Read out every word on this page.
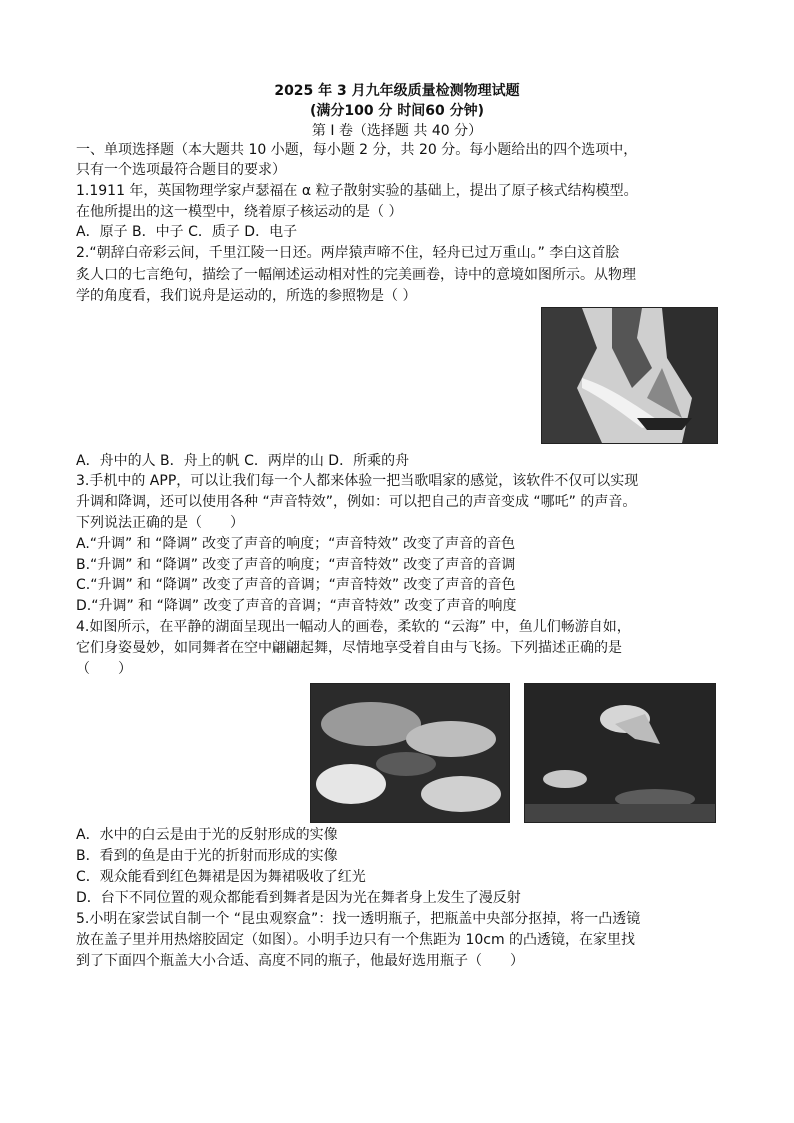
2025 年 3 月九年级质量检测物理试题
(满分100 分 时间60 分钟)
第 Ⅰ 卷（选择题 共 40 分）
一、单项选择题（本大题共 10 小题，每小题 2 分，共 20 分。每小题给出的四个选项中，
只有一个选项最符合题目的要求）
1.1911 年，英国物理学家卢瑟福在 α 粒子散射实验的基础上，提出了原子核式结构模型。
在他所提出的这一模型中，绕着原子核运动的是（ ）
A．原子 B．中子 C．质子 D．电子
2.“朝辞白帝彩云间，千里江陵一日还。两岸猿声啼不住，轻舟已过万重山。” 李白这首脍
炙人口的七言绝句，描绘了一幅阐述运动相对性的完美画卷，诗中的意境如图所示。从物理
学的角度看，我们说舟是运动的，所选的参照物是（ ）
A．舟中的人 B．舟上的帆 C．两岸的山 D．所乘的舟
3.手机中的 APP，可以让我们每一个人都来体验一把当歌唱家的感觉，该软件不仅可以实现
升调和降调，还可以使用各种 “声音特效”，例如：可以把自己的声音变成 “哪吒” 的声音。
下列说法正确的是（　　）
A.“升调” 和 “降调” 改变了声音的响度；“声音特效” 改变了声音的音色
B.“升调” 和 “降调” 改变了声音的响度；“声音特效” 改变了声音的音调
C.“升调” 和 “降调” 改变了声音的音调；“声音特效” 改变了声音的音色
D.“升调” 和 “降调” 改变了声音的音调；“声音特效” 改变了声音的响度
4.如图所示，在平静的湖面呈现出一幅动人的画卷，柔软的 “云海” 中，鱼儿们畅游自如，
它们身姿曼妙，如同舞者在空中翩翩起舞，尽情地享受着自由与飞扬。下列描述正确的是
（　　）
A．水中的白云是由于光的反射形成的实像
B．看到的鱼是由于光的折射而形成的实像
C．观众能看到红色舞裙是因为舞裙吸收了红光
D．台下不同位置的观众都能看到舞者是因为光在舞者身上发生了漫反射
5.小明在家尝试自制一个 “昆虫观察盒”：找一透明瓶子，把瓶盖中央部分抠掉，将一凸透镜
放在盖子里并用热熔胶固定（如图）。小明手边只有一个焦距为 10cm 的凸透镜，在家里找
到了下面四个瓶盖大小合适、高度不同的瓶子，他最好选用瓶子（　　）
